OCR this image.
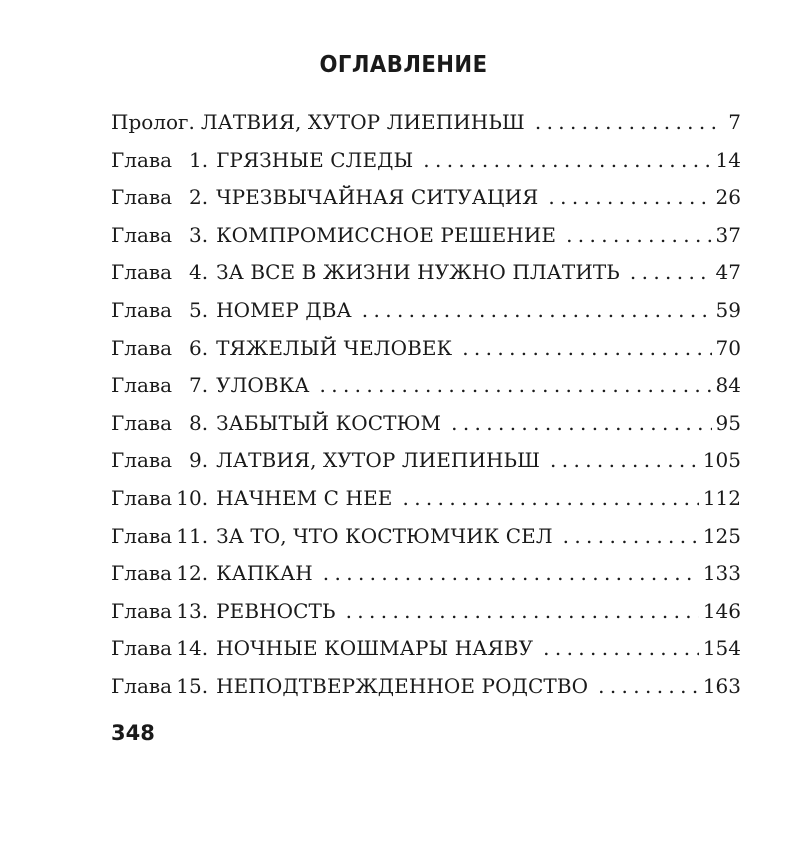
ОГЛАВЛЕНИЕ
Пролог. ЛАТВИЯ, ХУТОР ЛИЕПИНЬШ . . .	7
Глава 1. ГРЯЗНЫЕ СЛЕДЫ . . .	14
Глава 2. ЧРЕЗВЫЧАЙНАЯ СИТУАЦИЯ . . .	26
Глава 3. КОМПРОМИССНОЕ РЕШЕНИЕ . . .	37
Глава 4. ЗА ВСЕ В ЖИЗНИ НУЖНО ПЛАТИТЬ . . .	47
Глава 5. НОМЕР ДВА . . .	59
Глава 6. ТЯЖЕЛЫЙ ЧЕЛОВЕК . . .	70
Глава 7. УЛОВКА . . .	84
Глава 8. ЗАБЫТЫЙ КОСТЮМ . . .	95
Глава 9. ЛАТВИЯ, ХУТОР ЛИЕПИНЬШ . . .	105
Глава 10. НАЧНЕМ С НЕЕ . . .	112
Глава 11. ЗА ТО, ЧТО КОСТЮМЧИК СЕЛ . . .	125
Глава 12. КАПКАН . . .	133
Глава 13. РЕВНОСТЬ . . .	146
Глава 14. НОЧНЫЕ КОШМАРЫ НАЯВУ . . .	154
Глава 15. НЕПОДТВЕРЖДЕННОЕ РОДСТВО . . .	163
348
